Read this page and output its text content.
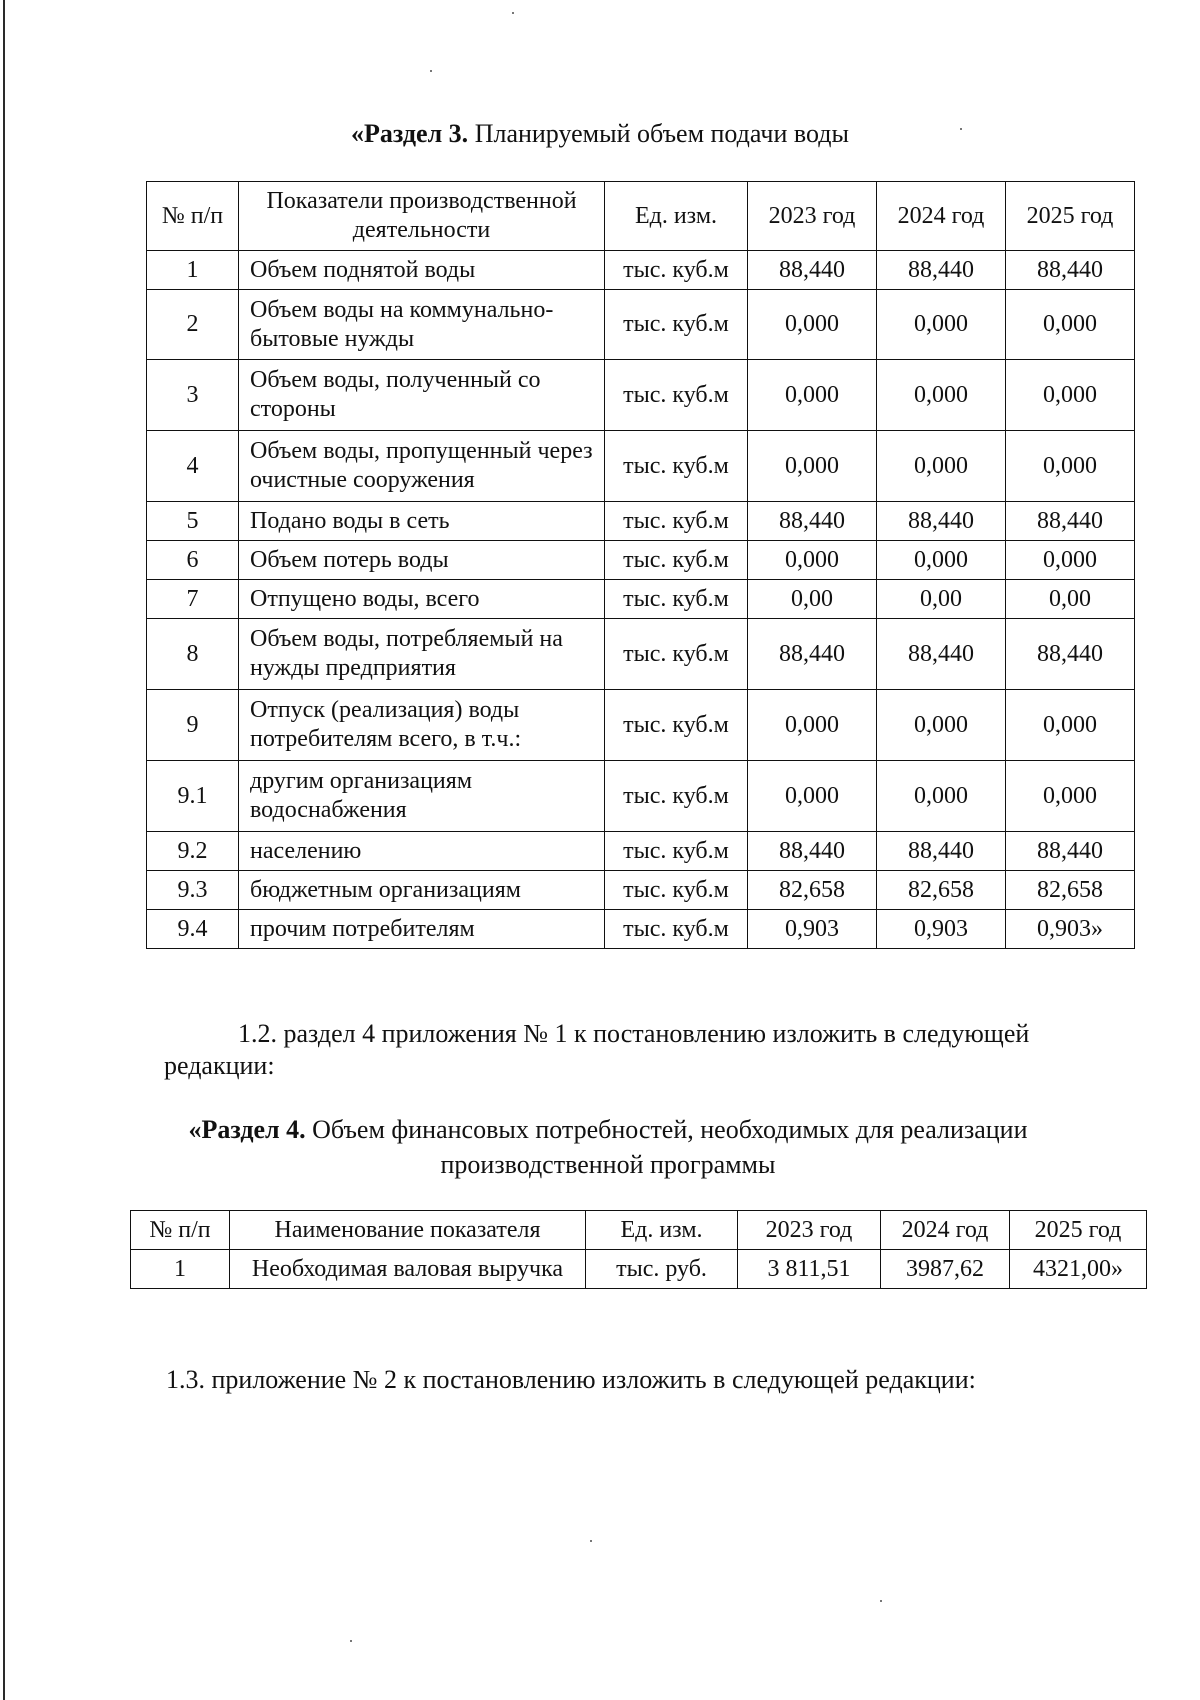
«Раздел 3. Планируемый объем подачи воды
№ п/п	Показатели производственной деятельности	Ед. изм.	2023 год	2024 год	2025 год
1	Объем поднятой воды	тыс. куб.м	88,440	88,440	88,440
2	Объем воды на коммунально-бытовые нужды	тыс. куб.м	0,000	0,000	0,000
3	Объем воды, полученный со стороны	тыс. куб.м	0,000	0,000	0,000
4	Объем воды, пропущенный через очистные сооружения	тыс. куб.м	0,000	0,000	0,000
5	Подано воды в сеть	тыс. куб.м	88,440	88,440	88,440
6	Объем потерь воды	тыс. куб.м	0,000	0,000	0,000
7	Отпущено воды, всего	тыс. куб.м	0,00	0,00	0,00
8	Объем воды, потребляемый на нужды предприятия	тыс. куб.м	88,440	88,440	88,440
9	Отпуск (реализация) воды потребителям всего, в т.ч.:	тыс. куб.м	0,000	0,000	0,000
9.1	другим организациям водоснабжения	тыс. куб.м	0,000	0,000	0,000
9.2	населению	тыс. куб.м	88,440	88,440	88,440
9.3	бюджетным организациям	тыс. куб.м	82,658	82,658	82,658
9.4	прочим потребителям	тыс. куб.м	0,903	0,903	0,903»
1.2. раздел 4 приложения № 1 к постановлению изложить в следующей
редакции:
«Раздел 4. Объем финансовых потребностей, необходимых для реализации
производственной программы
№ п/п	Наименование показателя	Ед. изм.	2023 год	2024 год	2025 год
1	Необходимая валовая выручка	тыс. руб.	3 811,51	3987,62	4321,00»
1.3. приложение № 2 к постановлению изложить в следующей редакции:
